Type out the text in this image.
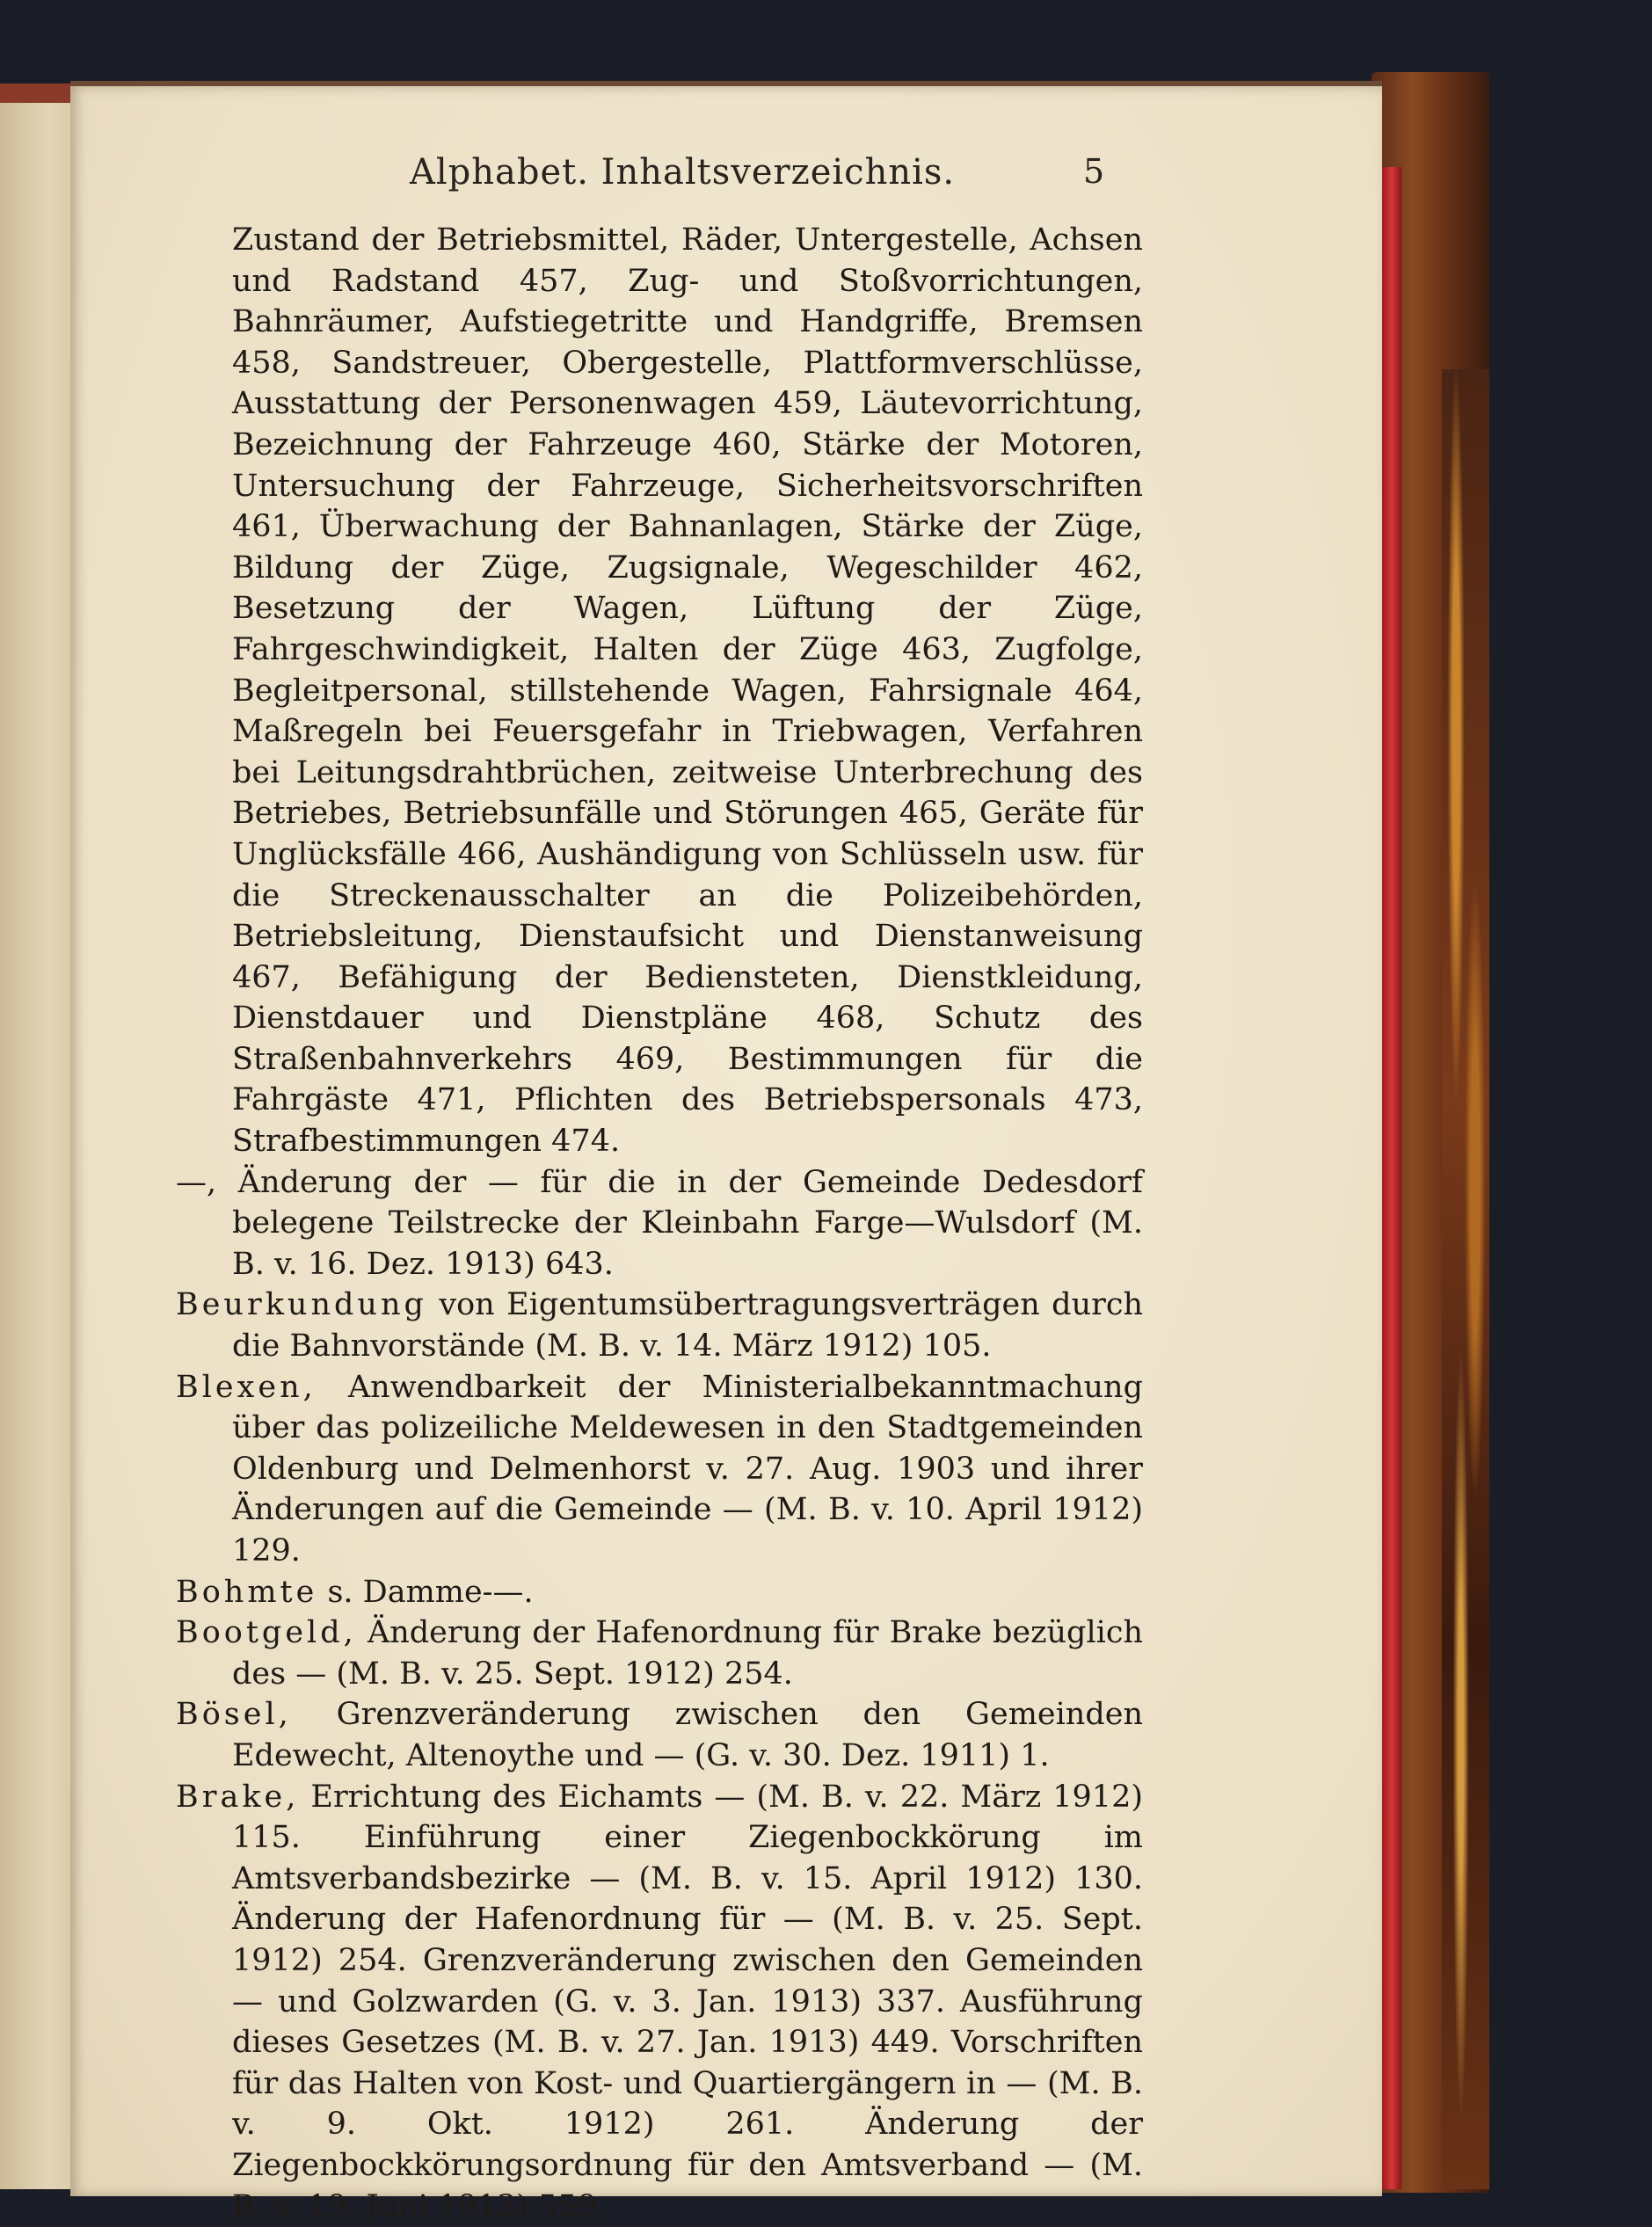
Alphabet. Inhaltsverzeichnis.	5

Zustand der Betriebsmittel, Räder, Untergestelle, Achsen und Radstand 457, Zug- und Stoßvorrichtungen, Bahnräumer, Aufstiegetritte und Handgriffe, Bremsen 458, Sandstreuer, Obergestelle, Plattformverschlüsse, Ausstattung der Personenwagen 459, Läutevorrichtung, Bezeichnung der Fahrzeuge 460, Stärke der Motoren, Untersuchung der Fahrzeuge, Sicherheitsvorschriften 461, Überwachung der Bahnanlagen, Stärke der Züge, Bildung der Züge, Zugsignale, Wegeschilder 462, Besetzung der Wagen, Lüftung der Züge, Fahrgeschwindigkeit, Halten der Züge 463, Zugfolge, Begleitpersonal, stillstehende Wagen, Fahrsignale 464, Maßregeln bei Feuersgefahr in Triebwagen, Verfahren bei Leitungsdrahtbrüchen, zeitweise Unterbrechung des Betriebes, Betriebsunfälle und Störungen 465, Geräte für Unglücksfälle 466, Aushändigung von Schlüsseln usw. für die Streckenausschalter an die Polizeibehörden, Betriebsleitung, Dienstaufsicht und Dienstanweisung 467, Befähigung der Bediensteten, Dienstkleidung, Dienstdauer und Dienstpläne 468, Schutz des Straßenbahnverkehrs 469, Bestimmungen für die Fahrgäste 471, Pflichten des Betriebspersonals 473, Strafbestimmungen 474.

—, Änderung der — für die in der Gemeinde Dedesdorf belegene Teilstrecke der Kleinbahn Farge—Wulsdorf (M. B. v. 16. Dez. 1913) 643.

Beurkundung von Eigentumsübertragungsverträgen durch die Bahnvorstände (M. B. v. 14. März 1912) 105.

Blexen, Anwendbarkeit der Ministerialbekanntmachung über das polizeiliche Meldewesen in den Stadtgemeinden Oldenburg und Delmenhorst v. 27. Aug. 1903 und ihrer Änderungen auf die Gemeinde — (M. B. v. 10. April 1912) 129.

Bohmte s. Damme-—.

Bootgeld, Änderung der Hafenordnung für Brake bezüglich des — (M. B. v. 25. Sept. 1912) 254.

Bösel, Grenzveränderung zwischen den Gemeinden Edewecht, Altenoythe und — (G. v. 30. Dez. 1911) 1.

Brake, Errichtung des Eichamts — (M. B. v. 22. März 1912) 115. Einführung einer Ziegenbockkörung im Amtsverbandsbezirke — (M. B. v. 15. April 1912) 130. Änderung der Hafenordnung für — (M. B. v. 25. Sept. 1912) 254. Grenzveränderung zwischen den Gemeinden — und Golzwarden (G. v. 3. Jan. 1913) 337. Ausführung dieses Gesetzes (M. B. v. 27. Jan. 1913) 449. Vorschriften für das Halten von Kost- und Quartiergängern in — (M. B. v. 9. Okt. 1912) 261. Änderung der Ziegenbockkörungsordnung für den Amtsverband — (M. B. v. 19. Juni 1913) 559.
